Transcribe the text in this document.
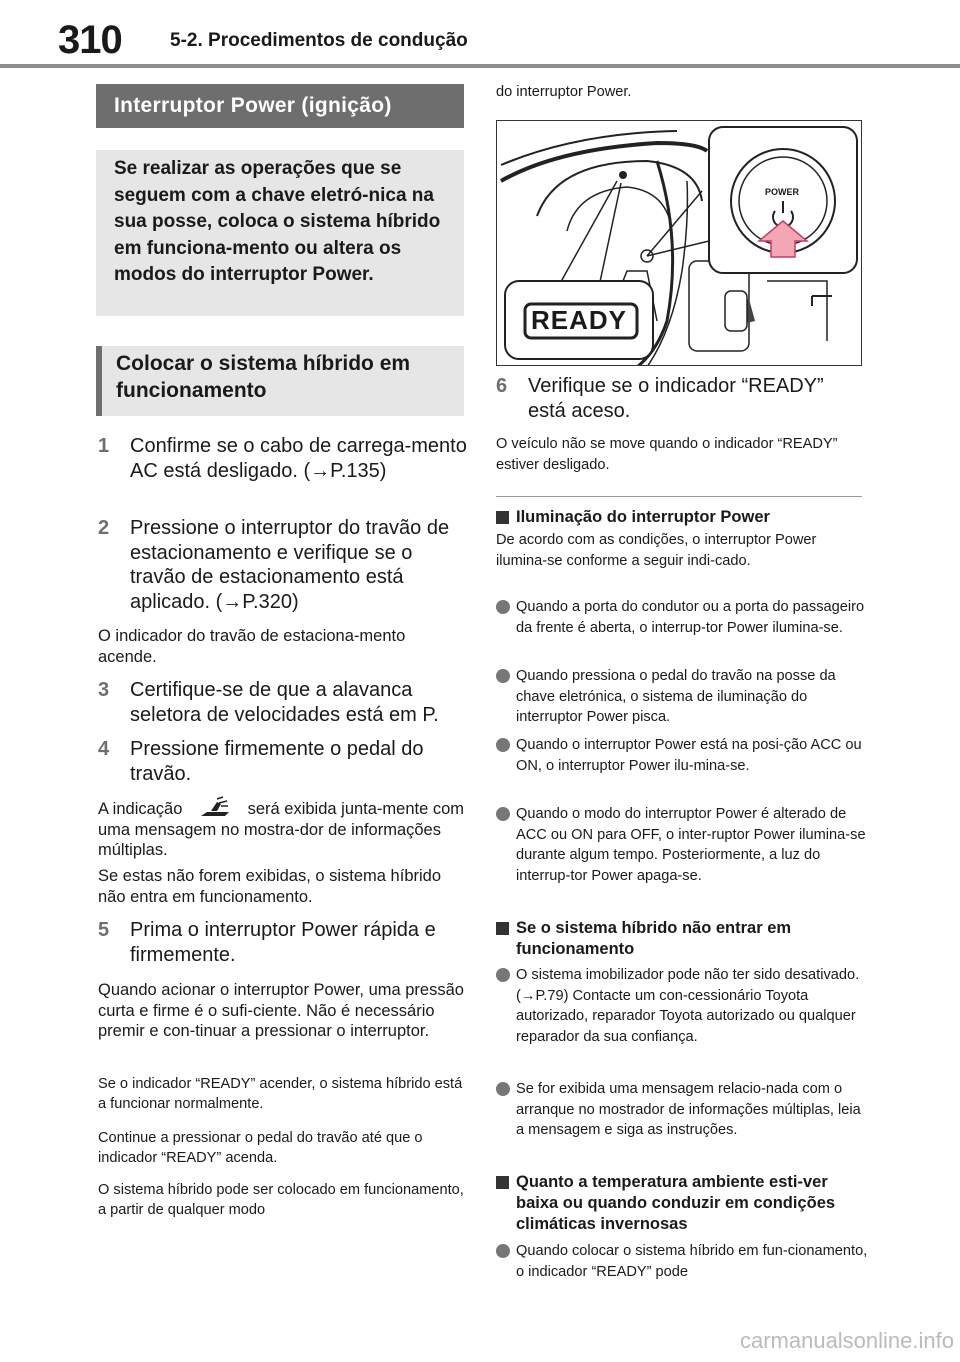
310	5-2. Procedimentos de condução
Interruptor Power (ignição)
Se realizar as operações que se seguem com a chave eletró-nica na sua posse, coloca o sistema híbrido em funciona-mento ou altera os modos do interruptor Power.
Colocar o sistema híbrido em funcionamento
1 Confirme se o cabo de carrega-mento AC está desligado. (→P.135)
2 Pressione o interruptor do travão de estacionamento e verifique se o travão de estacionamento está aplicado. (→P.320)
O indicador do travão de estaciona-mento acende.
3 Certifique-se de que a alavanca seletora de velocidades está em P.
4 Pressione firmemente o pedal do travão.
A indicação	será exibida junta-mente com uma mensagem no mostra-dor de informações múltiplas.
Se estas não forem exibidas, o sistema híbrido não entra em funcionamento.
5 Prima o interruptor Power rápida e firmemente.
Quando acionar o interruptor Power, uma pressão curta e firme é o sufi-ciente. Não é necessário premir e con-tinuar a pressionar o interruptor.
Se o indicador “READY” acender, o sistema híbrido está a funcionar normalmente.
Continue a pressionar o pedal do travão até que o indicador “READY” acenda.
O sistema híbrido pode ser colocado em funcionamento, a partir de qualquer modo
do interruptor Power.
POWER
READY
6 Verifique se o indicador “READY” está aceso.
O veículo não se move quando o indicador “READY” estiver desligado.
Iluminação do interruptor Power
De acordo com as condições, o interruptor Power ilumina-se conforme a seguir indi-cado.
Quando a porta do condutor ou a porta do passageiro da frente é aberta, o interrup-tor Power ilumina-se.
Quando pressiona o pedal do travão na posse da chave eletrónica, o sistema de iluminação do interruptor Power pisca.
Quando o interruptor Power está na posi-ção ACC ou ON, o interruptor Power ilu-mina-se.
Quando o modo do interruptor Power é alterado de ACC ou ON para OFF, o inter-ruptor Power ilumina-se durante algum tempo. Posteriormente, a luz do interrup-tor Power apaga-se.
Se o sistema híbrido não entrar em funcionamento
O sistema imobilizador pode não ter sido desativado. (→P.79) Contacte um con-cessionário Toyota autorizado, reparador Toyota autorizado ou qualquer reparador da sua confiança.
Se for exibida uma mensagem relacio-nada com o arranque no mostrador de informações múltiplas, leia a mensagem e siga as instruções.
Quanto a temperatura ambiente esti-ver baixa ou quando conduzir em condições climáticas invernosas
Quando colocar o sistema híbrido em fun-cionamento, o indicador “READY” pode
carmanualsonline.info
